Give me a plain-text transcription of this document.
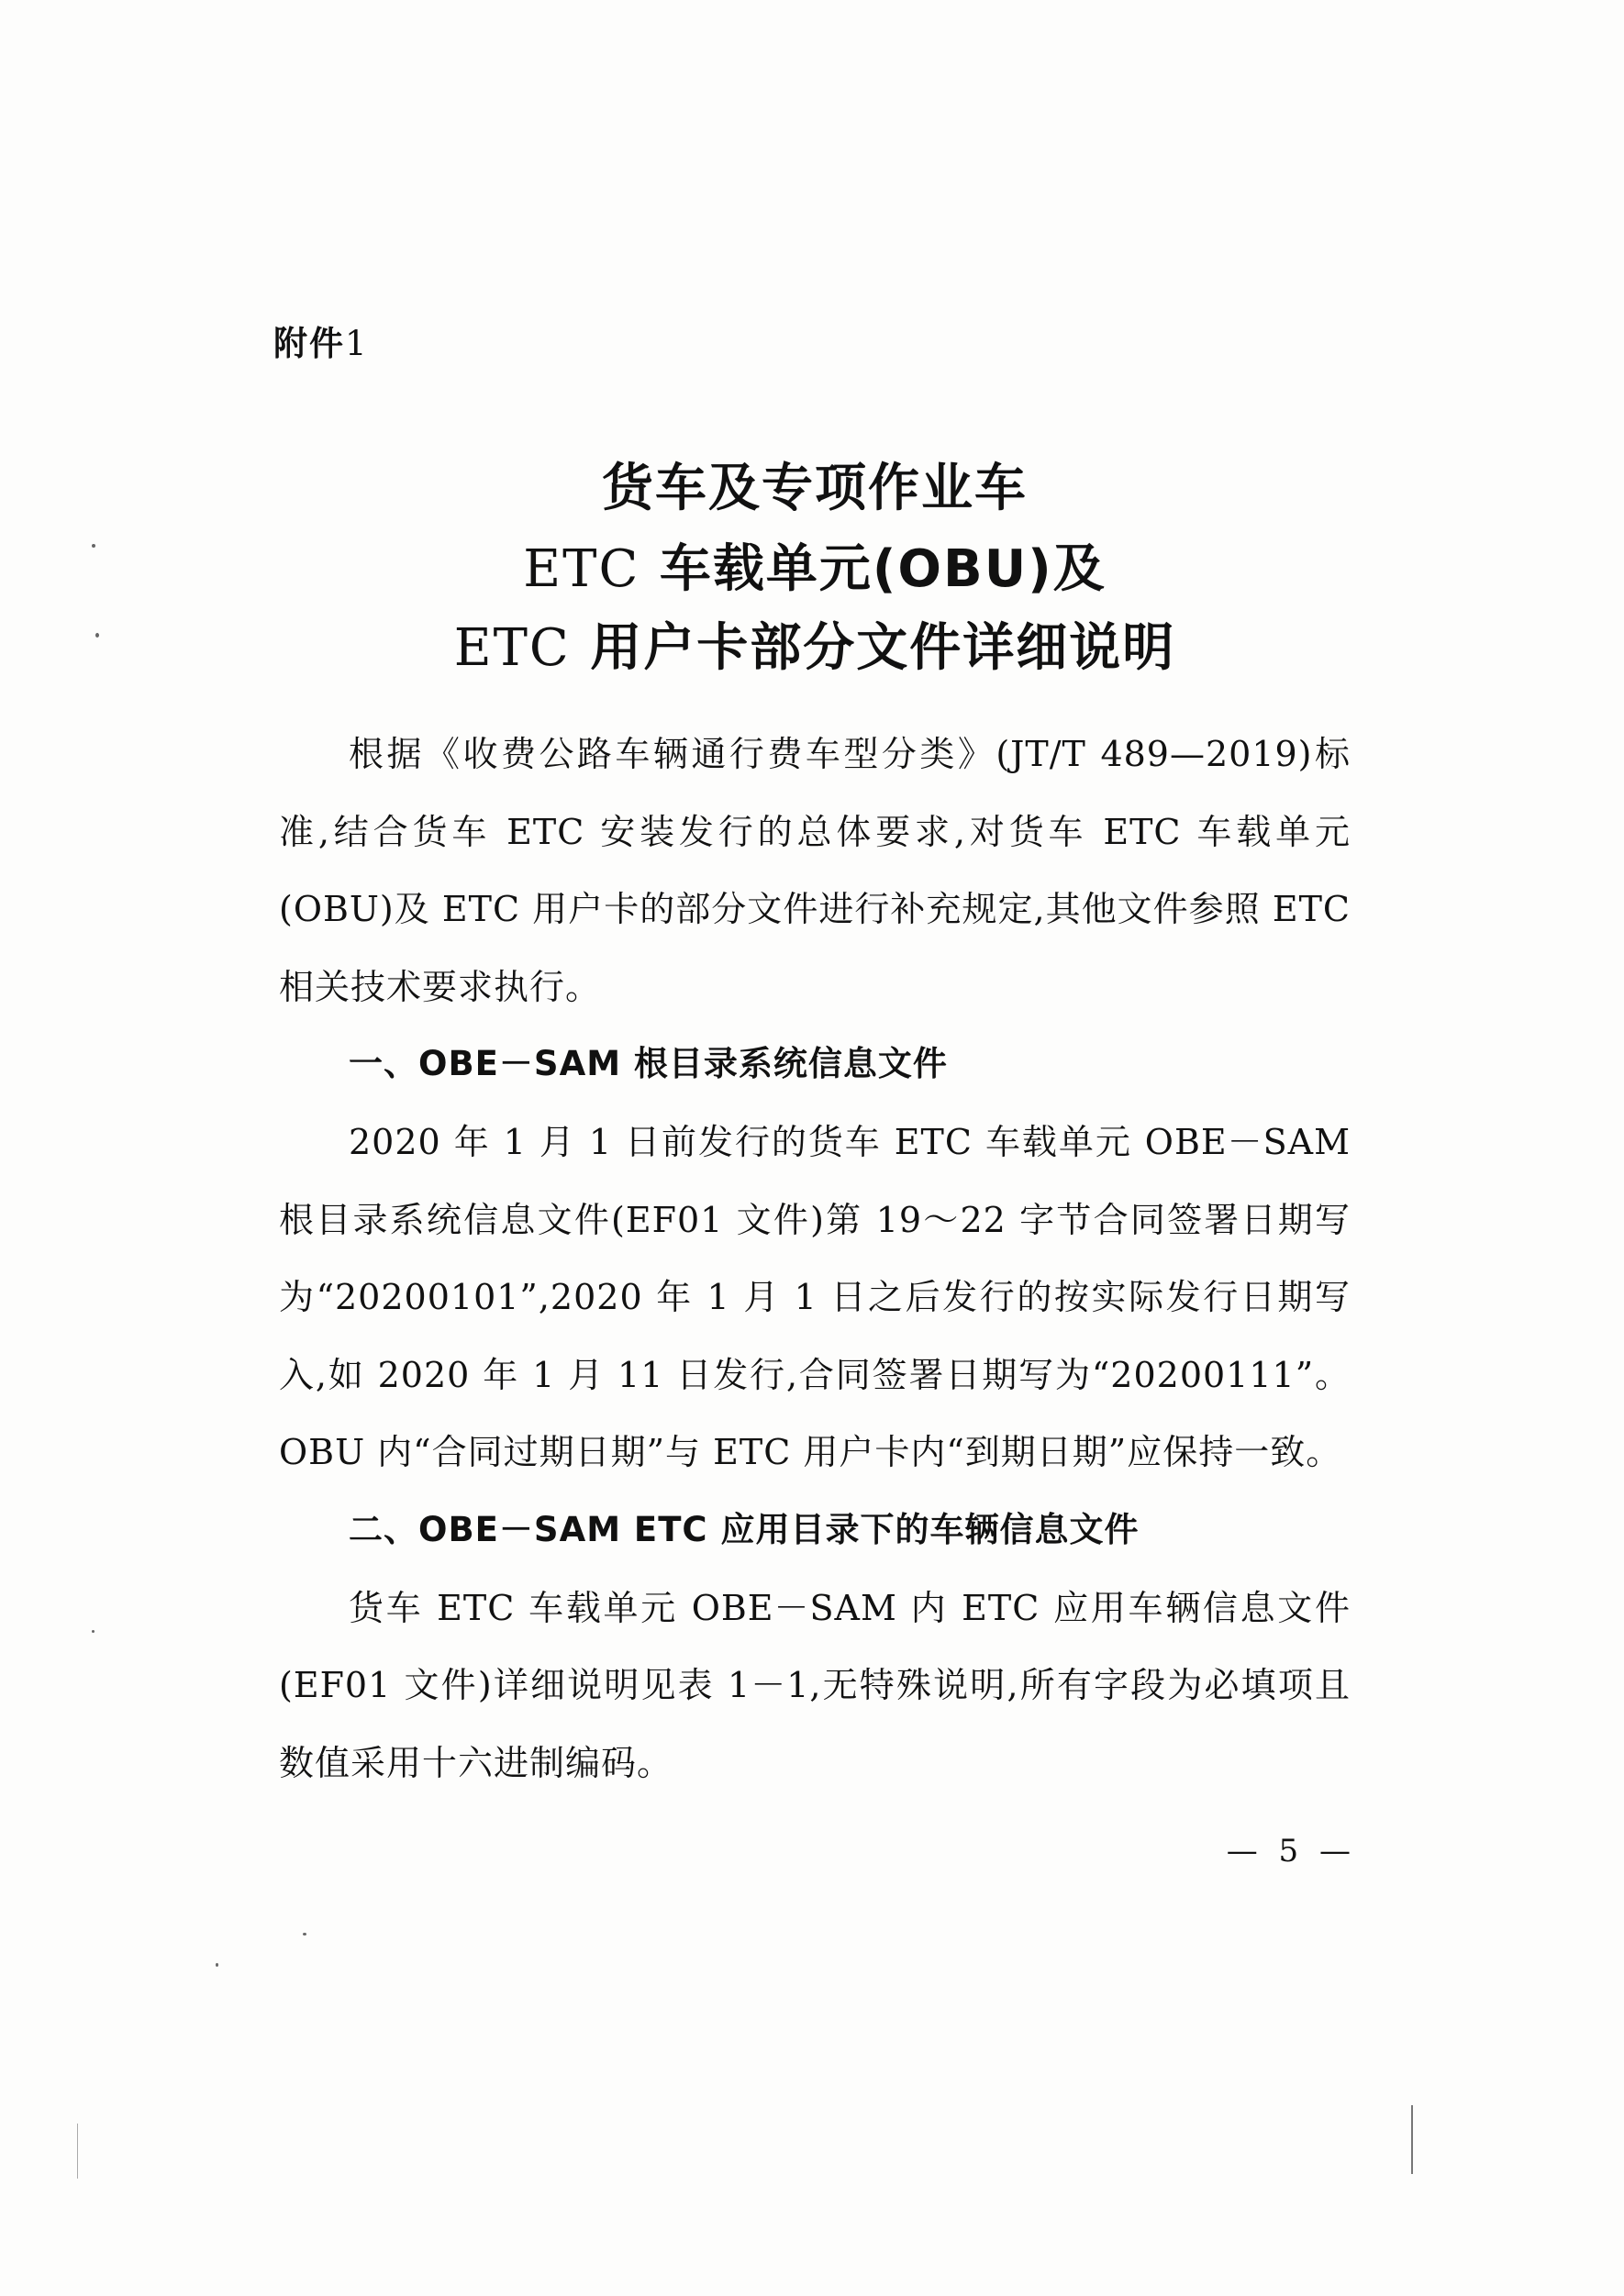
附件1
货车及专项作业车
ETC 车载单元(OBU)及
ETC 用户卡部分文件详细说明

根据《收费公路车辆通行费车型分类》(JT/T 489—2019)标准,结合货车 ETC 安装发行的总体要求,对货车 ETC 车载单元(OBU)及 ETC 用户卡的部分文件进行补充规定,其他文件参照 ETC 相关技术要求执行。

一、OBE－SAM 根目录系统信息文件

2020 年 1 月 1 日前发行的货车 ETC 车载单元 OBE－SAM 根目录系统信息文件(EF01 文件)第 19～22 字节合同签署日期写为“20200101”,2020 年 1 月 1 日之后发行的按实际发行日期写入,如 2020 年 1 月 11 日发行,合同签署日期写为“20200111”。OBU 内“合同过期日期”与 ETC 用户卡内“到期日期”应保持一致。

二、OBE－SAM ETC 应用目录下的车辆信息文件

货车 ETC 车载单元 OBE－SAM 内 ETC 应用车辆信息文件(EF01 文件)详细说明见表 1－1,无特殊说明,所有字段为必填项且数值采用十六进制编码。

— 5 —
